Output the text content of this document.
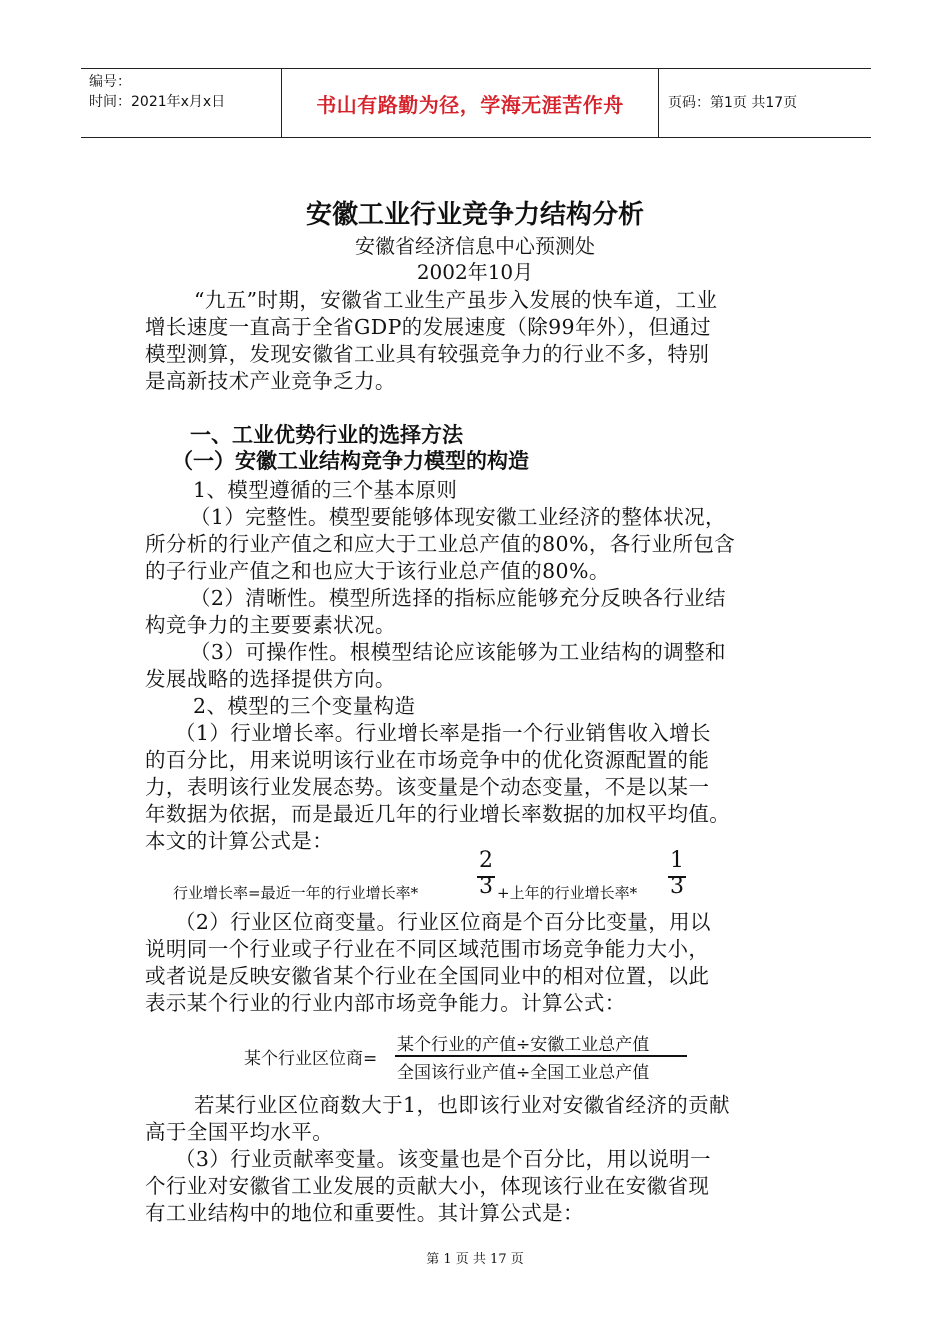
编号：
时间：2021年x月x日	书山有路勤为径，学海无涯苦作舟	页码：第1页 共17页
安徽工业行业竞争力结构分析
安徽省经济信息中心预测处
2002年10月
“九五”时期，安徽省工业生产虽步入发展的快车道，工业
增长速度一直高于全省GDP的发展速度（除99年外），但通过
模型测算，发现安徽省工业具有较强竞争力的行业不多，特别
是高新技术产业竞争乏力。
一、工业优势行业的选择方法
（一）安徽工业结构竞争力模型的构造
1、模型遵循的三个基本原则
（1）完整性。模型要能够体现安徽工业经济的整体状况，
所分析的行业产值之和应大于工业总产值的80%，各行业所包含
的子行业产值之和也应大于该行业总产值的80%。
（2）清晰性。模型所选择的指标应能够充分反映各行业结
构竞争力的主要要素状况。
（3）可操作性。根模型结论应该能够为工业结构的调整和
发展战略的选择提供方向。
2、模型的三个变量构造
（1）行业增长率。行业增长率是指一个行业销售收入增长
的百分比，用来说明该行业在市场竞争中的优化资源配置的能
力，表明该行业发展态势。该变量是个动态变量，不是以某一
年数据为依据，而是最近几年的行业增长率数据的加权平均值。
本文的计算公式是：
行业增长率=最近一年的行业增长率*
2
3 +上年的行业增长率*
1
3
（2）行业区位商变量。行业区位商是个百分比变量，用以
说明同一个行业或子行业在不同区域范围市场竞争能力大小，
或者说是反映安徽省某个行业在全国同业中的相对位置，以此
表示某个行业的行业内部市场竞争能力。计算公式：
某个行业区位商=
某个行业的产值÷安徽工业总产值
全国该行业产值÷全国工业总产值
若某行业区位商数大于1，也即该行业对安徽省经济的贡献
高于全国平均水平。
（3）行业贡献率变量。该变量也是个百分比，用以说明一
个行业对安徽省工业发展的贡献大小，体现该行业在安徽省现
有工业结构中的地位和重要性。其计算公式是：
第 1 页 共 17 页
